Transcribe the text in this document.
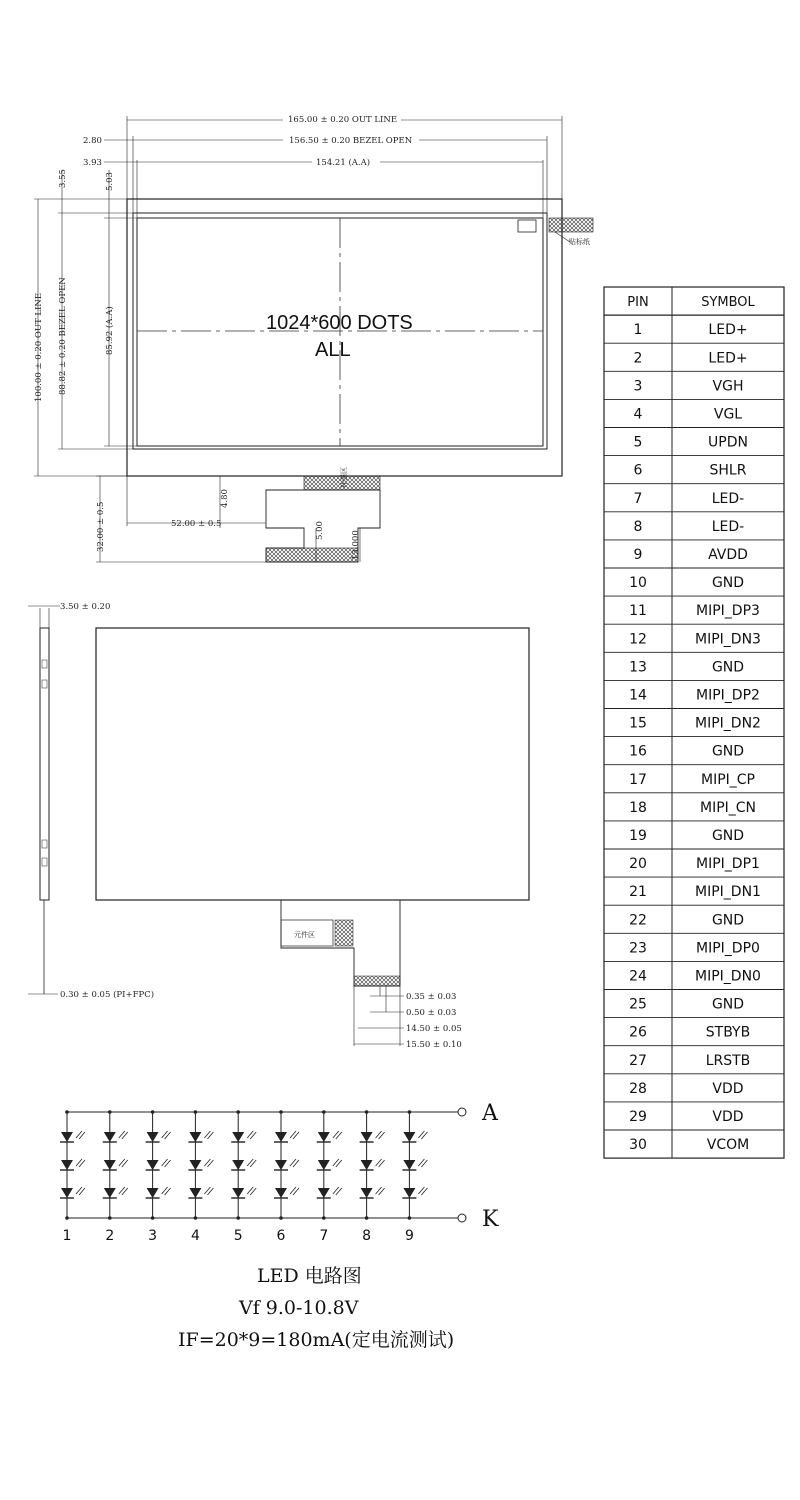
贴标纸
165.00 ± 0.20 OUT LINE
156.50 ± 0.20 BEZEL OPEN
154.21 (A.A)
2.80
3.93
100.00 ± 0.20 OUT LINE 88.82 ± 0.20 BEZEL OPEN	85.92 (A.A)
3.55	5.03
1024*600 DOTS
ALL
补强区
32.00 ± 0.5	52.00 ± 0.5
4.80
5.00	13.000
3.50 ± 0.20
0.30 ± 0.05 (PI+FPC)
元件区
0.35 ± 0.03
0.50 ± 0.03
14.50 ± 0.05
15.50 ± 0.10
A
K
1 2 3 4 5 6 7 8 9
LED 电路图
Vf 9.0-10.8V
IF=20*9=180mA(定电流测试)
PIN	SYMBOL
1	LED+
2	LED+
3	VGH
4	VGL
5	UPDN
6	SHLR
7	LED-
8	LED-
9	AVDD
10	GND
11	MIPI_DP3
12	MIPI_DN3
13	GND
14	MIPI_DP2
15	MIPI_DN2
16	GND
17	MIPI_CP
18	MIPI_CN
19	GND
20	MIPI_DP1
21	MIPI_DN1
22	GND
23	MIPI_DP0
24	MIPI_DN0
25	GND
26	STBYB
27	LRSTB
28	VDD
29	VDD
30	VCOM
